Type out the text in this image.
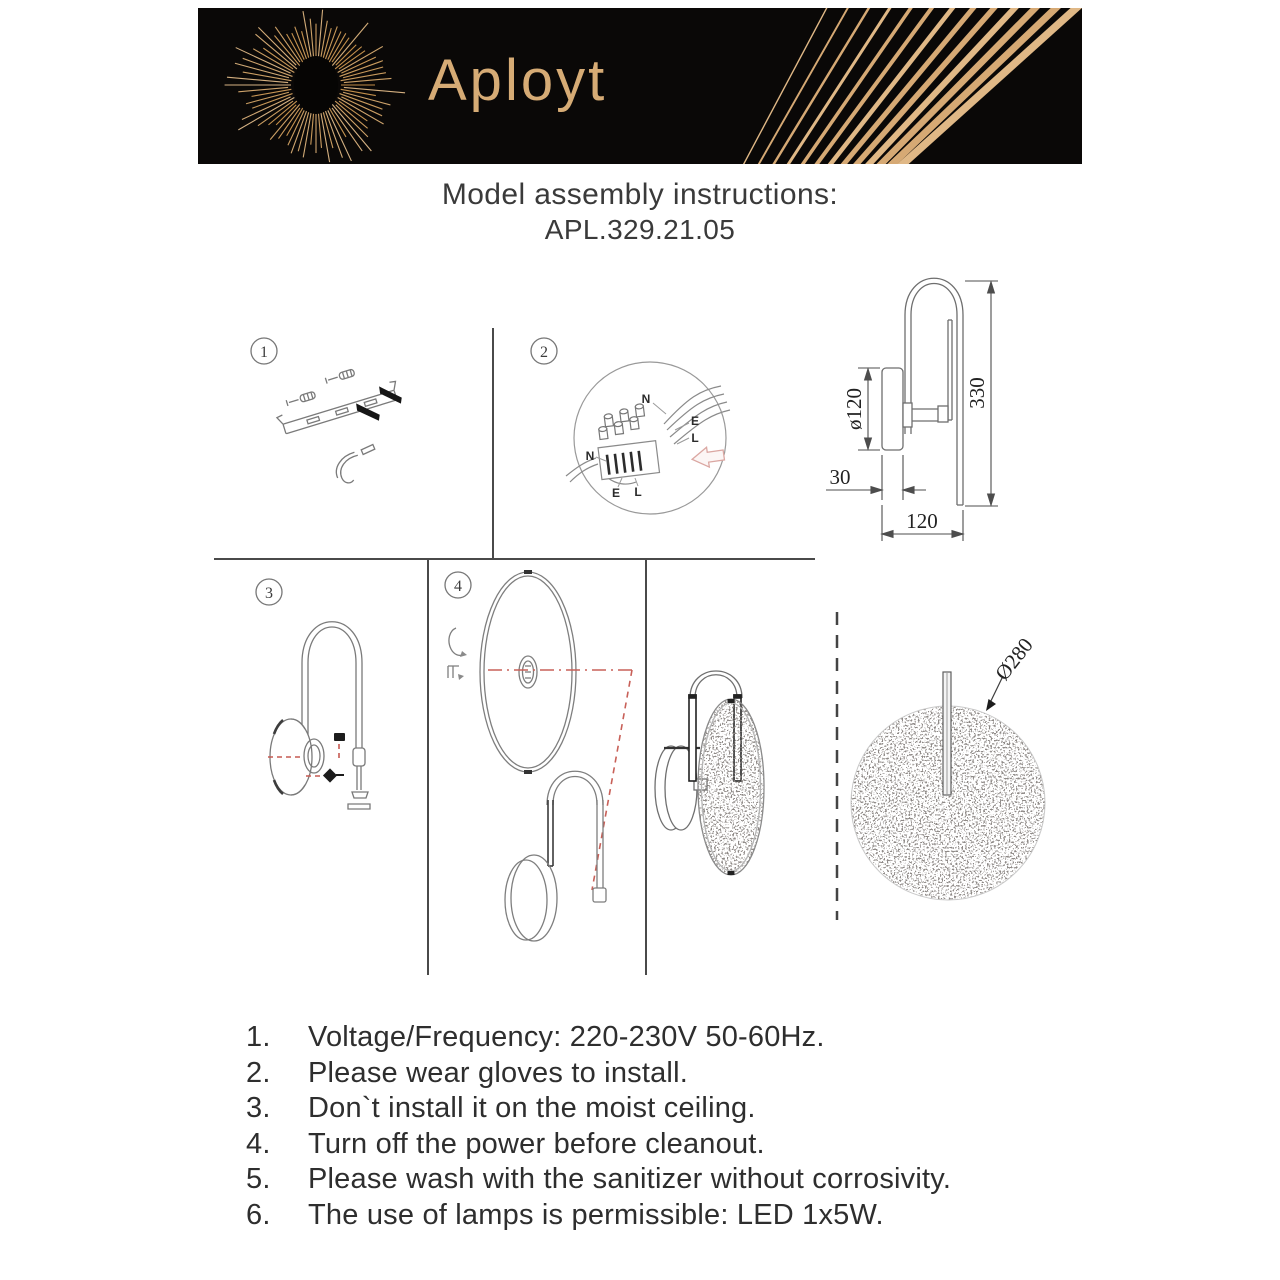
Aployt
Model assembly instructions:
APL.329.21.05
1	2
3	4
N
E
L
N
E L
ø120	330
30
120
Ø280
1.	Voltage/Frequency: 220-230V 50-60Hz.
2.	Please wear gloves to install.
3.	Don`t install it on the moist ceiling.
4.	Turn off the power before cleanout.
5.	Please wash with the sanitizer without corrosivity.
6.	The use of lamps is permissible: LED 1x5W.
